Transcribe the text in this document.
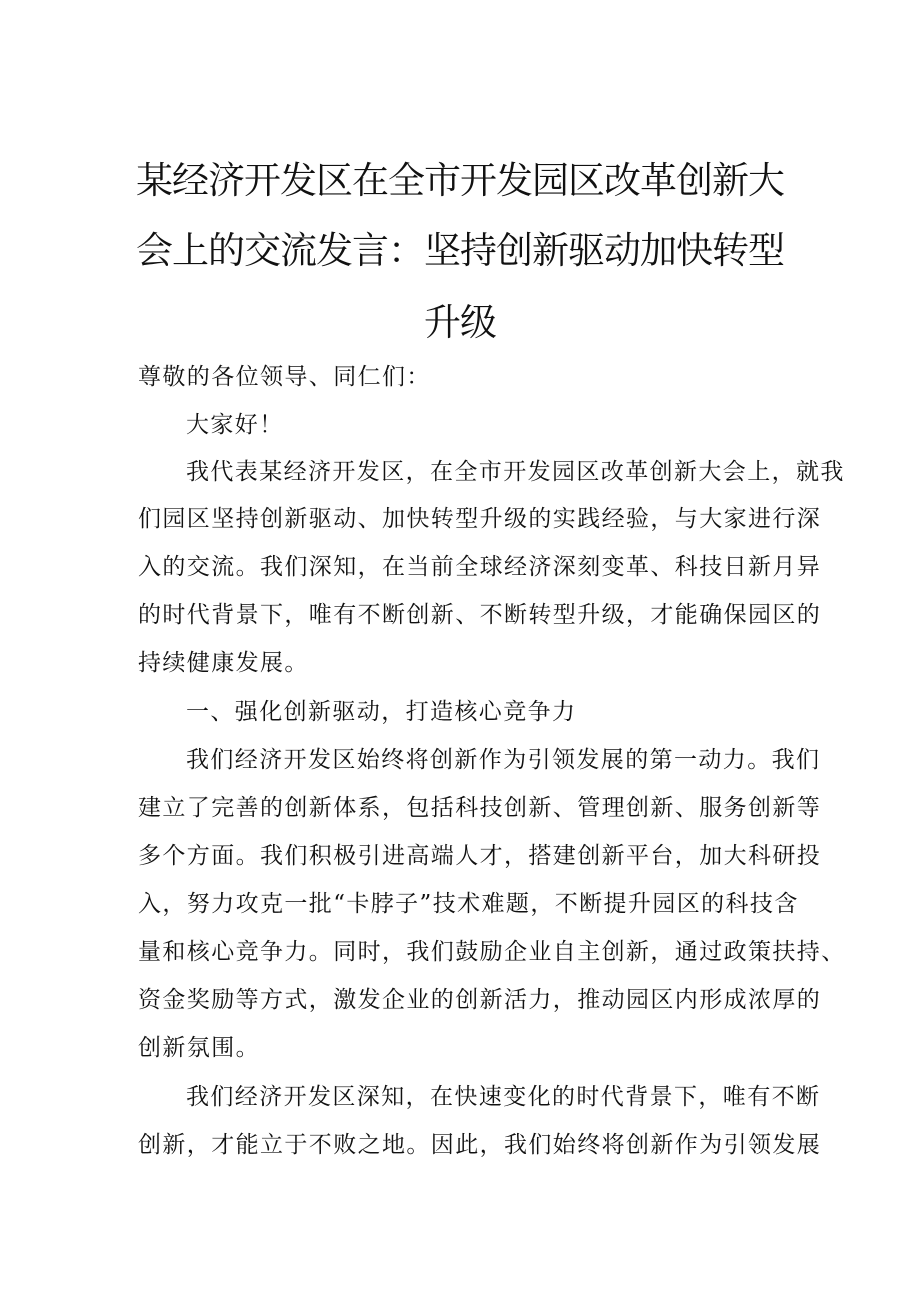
某经济开发区在全市开发园区改革创新大
会上的交流发言：坚持创新驱动加快转型
升级

尊敬的各位领导、同仁们：

大家好！

我代表某经济开发区，在全市开发园区改革创新大会上，就我

们园区坚持创新驱动、加快转型升级的实践经验，与大家进行深

入的交流。我们深知，在当前全球经济深刻变革、科技日新月异

的时代背景下，唯有不断创新、不断转型升级，才能确保园区的

持续健康发展。

一、强化创新驱动，打造核心竞争力

我们经济开发区始终将创新作为引领发展的第一动力。我们

建立了完善的创新体系，包括科技创新、管理创新、服务创新等

多个方面。我们积极引进高端人才，搭建创新平台，加大科研投

入，努力攻克一批“卡脖子”技术难题，不断提升园区的科技含

量和核心竞争力。同时，我们鼓励企业自主创新，通过政策扶持、

资金奖励等方式，激发企业的创新活力，推动园区内形成浓厚的

创新氛围。

我们经济开发区深知，在快速变化的时代背景下，唯有不断

创新，才能立于不败之地。因此，我们始终将创新作为引领发展
